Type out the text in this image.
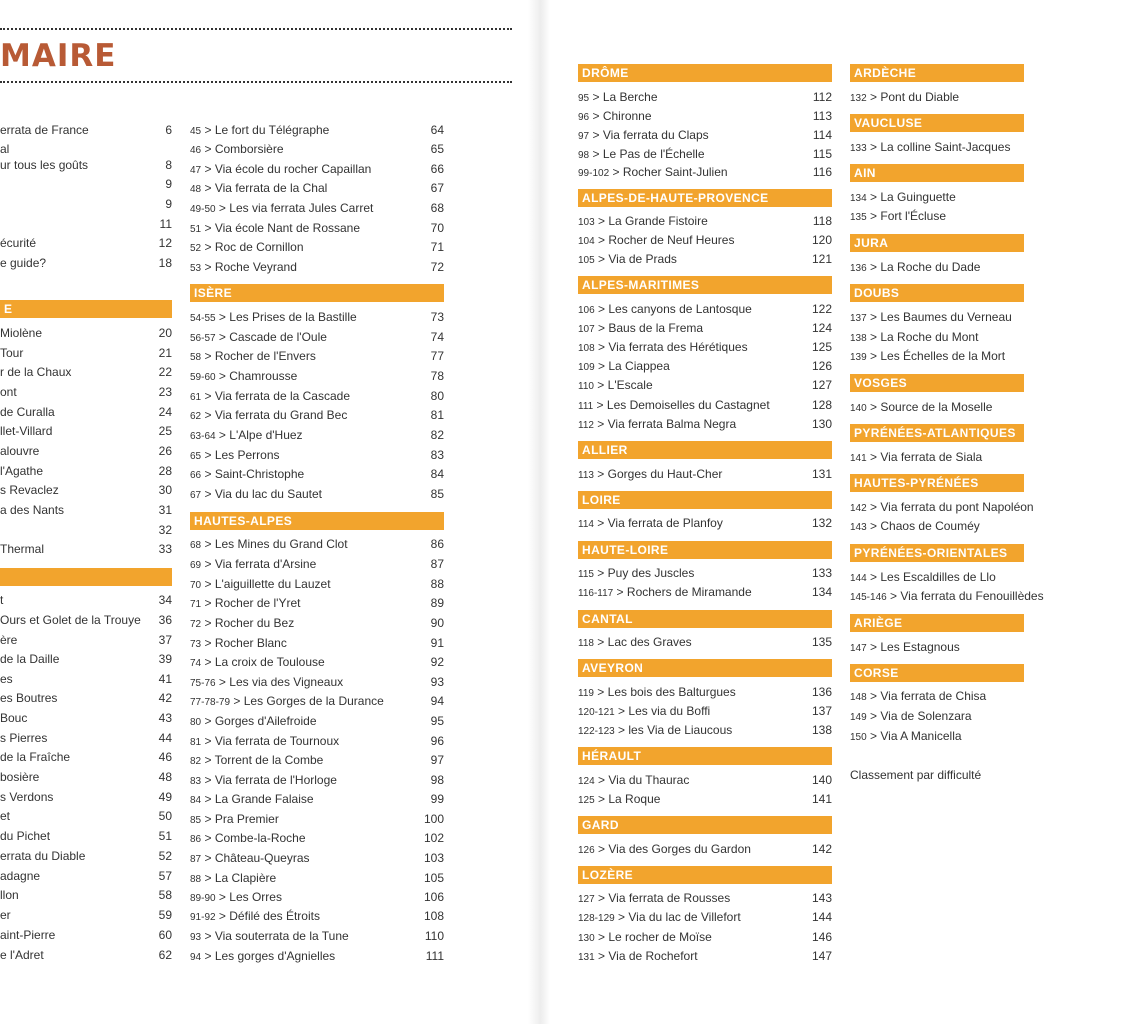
MAIRE
errata de France	6
al
ur tous les goûts	8
9
9
11
écurité	12
e guide?	18
E
Miolène	20
Tour	21
r de la Chaux	22
ont	23
de Curalla	24
llet-Villard	25
alouvre	26
l'Agathe	28
s Revaclez	30
a des Nants	31
32
Thermal	33
t	34
Ours et Golet de la Trouye 36
ère	37
de la Daille	39
es	41
es Boutres	42
Bouc	43
s Pierres	44
de la Fraîche	46
bosière	48
s Verdons	49
et	50
du Pichet	51
errata du Diable	52
adagne	57
llon	58
er	59
aint-Pierre	60
e l'Adret	62
45 > Le fort du Télégraphe	64
46 > Comborsière	65
47 > Via école du rocher Capaillan	66
48 > Via ferrata de la Chal	67
49-50 > Les via ferrata Jules Carret	68
51 > Via école Nant de Rossane	70
52 > Roc de Cornillon	71
53 > Roche Veyrand	72
ISÈRE
54-55 > Les Prises de la Bastille	73
56-57 > Cascade de l'Oule	74
58 > Rocher de l'Envers	77
59-60 > Chamrousse	78
61 > Via ferrata de la Cascade	80
62 > Via ferrata du Grand Bec	81
63-64 > L'Alpe d'Huez	82
65 > Les Perrons	83
66 > Saint-Christophe	84
67 > Via du lac du Sautet	85
HAUTES-ALPES
68 > Les Mines du Grand Clot	86
69 > Via ferrata d'Arsine	87
70 > L'aiguillette du Lauzet	88
71 > Rocher de l'Yret	89
72 > Rocher du Bez	90
73 > Rocher Blanc	91
74 > La croix de Toulouse	92
75-76 > Les via des Vigneaux	93
77-78-79 > Les Gorges de la Durance	94
80 > Gorges d'Ailefroide	95
81 > Via ferrata de Tournoux	96
82 > Torrent de la Combe	97
83 > Via ferrata de l'Horloge	98
84 > La Grande Falaise	99
85 > Pra Premier	100
86 > Combe-la-Roche	102
87 > Château-Queyras	103
88 > La Clapière	105
89-90 > Les Orres	106
91-92 > Défilé des Étroits	108
93 > Via souterrata de la Tune	110
94 > Les gorges d'Agnielles	111
DRÔME
95 > La Berche	112
96 > Chironne	113
97 > Via ferrata du Claps	114
98 > Le Pas de l'Échelle	115
99-102 > Rocher Saint-Julien	116
ALPES-DE-HAUTE-PROVENCE
103 > La Grande Fistoire	118
104 > Rocher de Neuf Heures	120
105 > Via de Prads	121
ALPES-MARITIMES
106 > Les canyons de Lantosque	122
107 > Baus de la Frema	124
108 > Via ferrata des Hérétiques	125
109 > La Ciappea	126
110 > L'Escale	127
111 > Les Demoiselles du Castagnet	128
112 > Via ferrata Balma Negra	130
ALLIER
113 > Gorges du Haut-Cher	131
LOIRE
114 > Via ferrata de Planfoy	132
HAUTE-LOIRE
115 > Puy des Juscles	133
116-117 > Rochers de Miramande	134
CANTAL
118 > Lac des Graves	135
AVEYRON
119 > Les bois des Balturgues	136
120-121 > Les via du Boffi	137
122-123 > les Via de Liaucous	138
HÉRAULT
124 > Via du Thaurac	140
125 > La Roque	141
GARD
126 > Via des Gorges du Gardon	142
LOZÈRE
127 > Via ferrata de Rousses	143
128-129 > Via du lac de Villefort	144
130 > Le rocher de Moïse	146
131 > Via de Rochefort	147
Classement par difficulté
ARDÈCHE
132 > Pont du Diable
VAUCLUSE
133 > La colline Saint-Jacques
AIN
134 > La Guinguette
135 > Fort l'Écluse
JURA
136 > La Roche du Dade
DOUBS
137 > Les Baumes du Verneau
138 > La Roche du Mont
139 > Les Échelles de la Mort
VOSGES
140 > Source de la Moselle
PYRÉNÉES-ATLANTIQUES
141 > Via ferrata de Siala
HAUTES-PYRÉNÉES
142 > Via ferrata du pont Napoléon
143 > Chaos de Couméy
PYRÉNÉES-ORIENTALES
144 > Les Escaldilles de Llo
145-146 > Via ferrata du Fenouillèdes
ARIÈGE
147 > Les Estagnous
CORSE
148 > Via ferrata de Chisa
149 > Via de Solenzara
150 > Via A Manicella
